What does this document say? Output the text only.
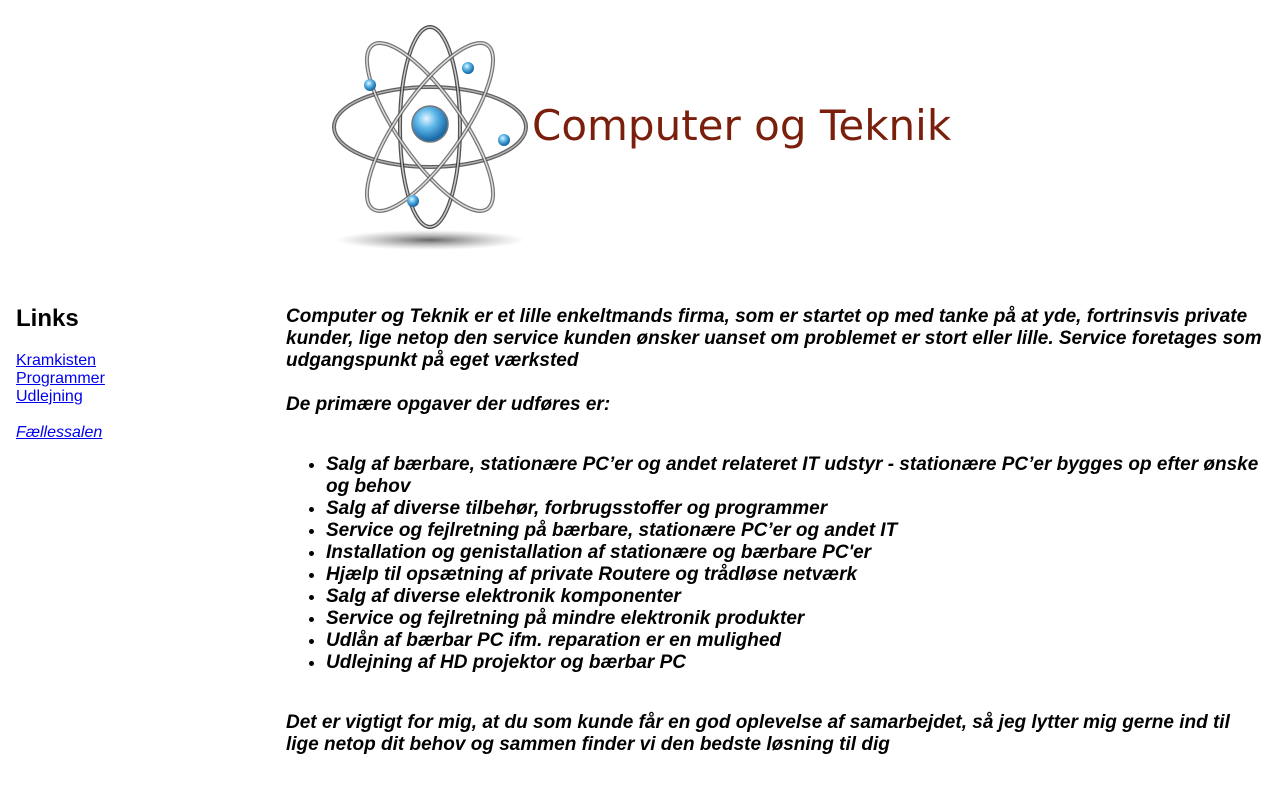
Computer og Teknik
Links
Kramkisten
Programmer
Udlejning
Fællessalen

Computer og Teknik er et lille enkeltmands firma, som er startet op med tanke på at yde, fortrinsvis private kunder, lige netop den service kunden ønsker uanset om problemet er stort eller lille. Service foretages som udgangspunkt på eget værksted

De primære opgaver der udføres er:

• Salg af bærbare, stationære PC’er og andet relateret IT udstyr - stationære PC’er bygges op efter ønske og behov
• Salg af diverse tilbehør, forbrugsstoffer og programmer
• Service og fejlretning på bærbare, stationære PC’er og andet IT
• Installation og genistallation af stationære og bærbare PC'er
• Hjælp til opsætning af private Routere og trådløse netværk
• Salg af diverse elektronik komponenter
• Service og fejlretning på mindre elektronik produkter
• Udlån af bærbar PC ifm. reparation er en mulighed
• Udlejning af HD projektor og bærbar PC

Det er vigtigt for mig, at du som kunde får en god oplevelse af samarbejdet, så jeg lytter mig gerne ind til lige netop dit behov og sammen finder vi den bedste løsning til dig
